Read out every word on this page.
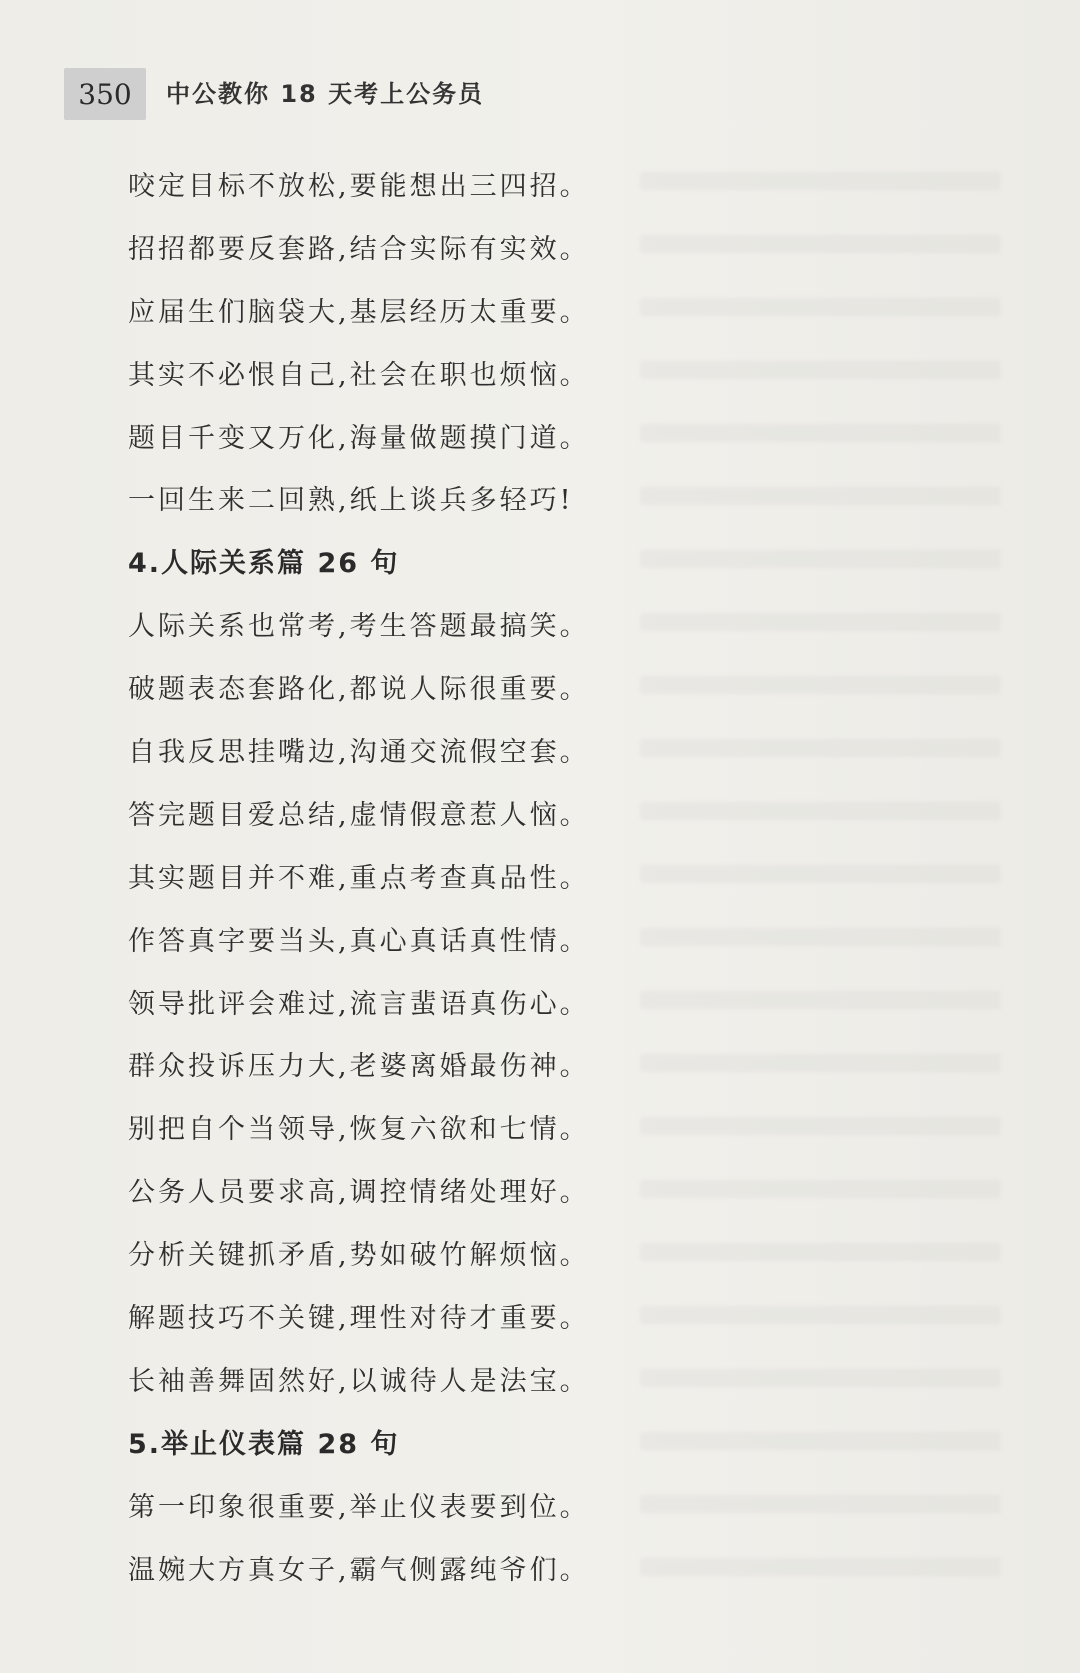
350 中公教你 18 天考上公务员
咬定目标不放松,要能想出三四招。
招招都要反套路,结合实际有实效。
应届生们脑袋大,基层经历太重要。
其实不必恨自己,社会在职也烦恼。
题目千变又万化,海量做题摸门道。
一回生来二回熟,纸上谈兵多轻巧!
4.人际关系篇 26 句
人际关系也常考,考生答题最搞笑。
破题表态套路化,都说人际很重要。
自我反思挂嘴边,沟通交流假空套。
答完题目爱总结,虚情假意惹人恼。
其实题目并不难,重点考查真品性。
作答真字要当头,真心真话真性情。
领导批评会难过,流言蜚语真伤心。
群众投诉压力大,老婆离婚最伤神。
别把自个当领导,恢复六欲和七情。
公务人员要求高,调控情绪处理好。
分析关键抓矛盾,势如破竹解烦恼。
解题技巧不关键,理性对待才重要。
长袖善舞固然好,以诚待人是法宝。
5.举止仪表篇 28 句
第一印象很重要,举止仪表要到位。
温婉大方真女子,霸气侧露纯爷们。
